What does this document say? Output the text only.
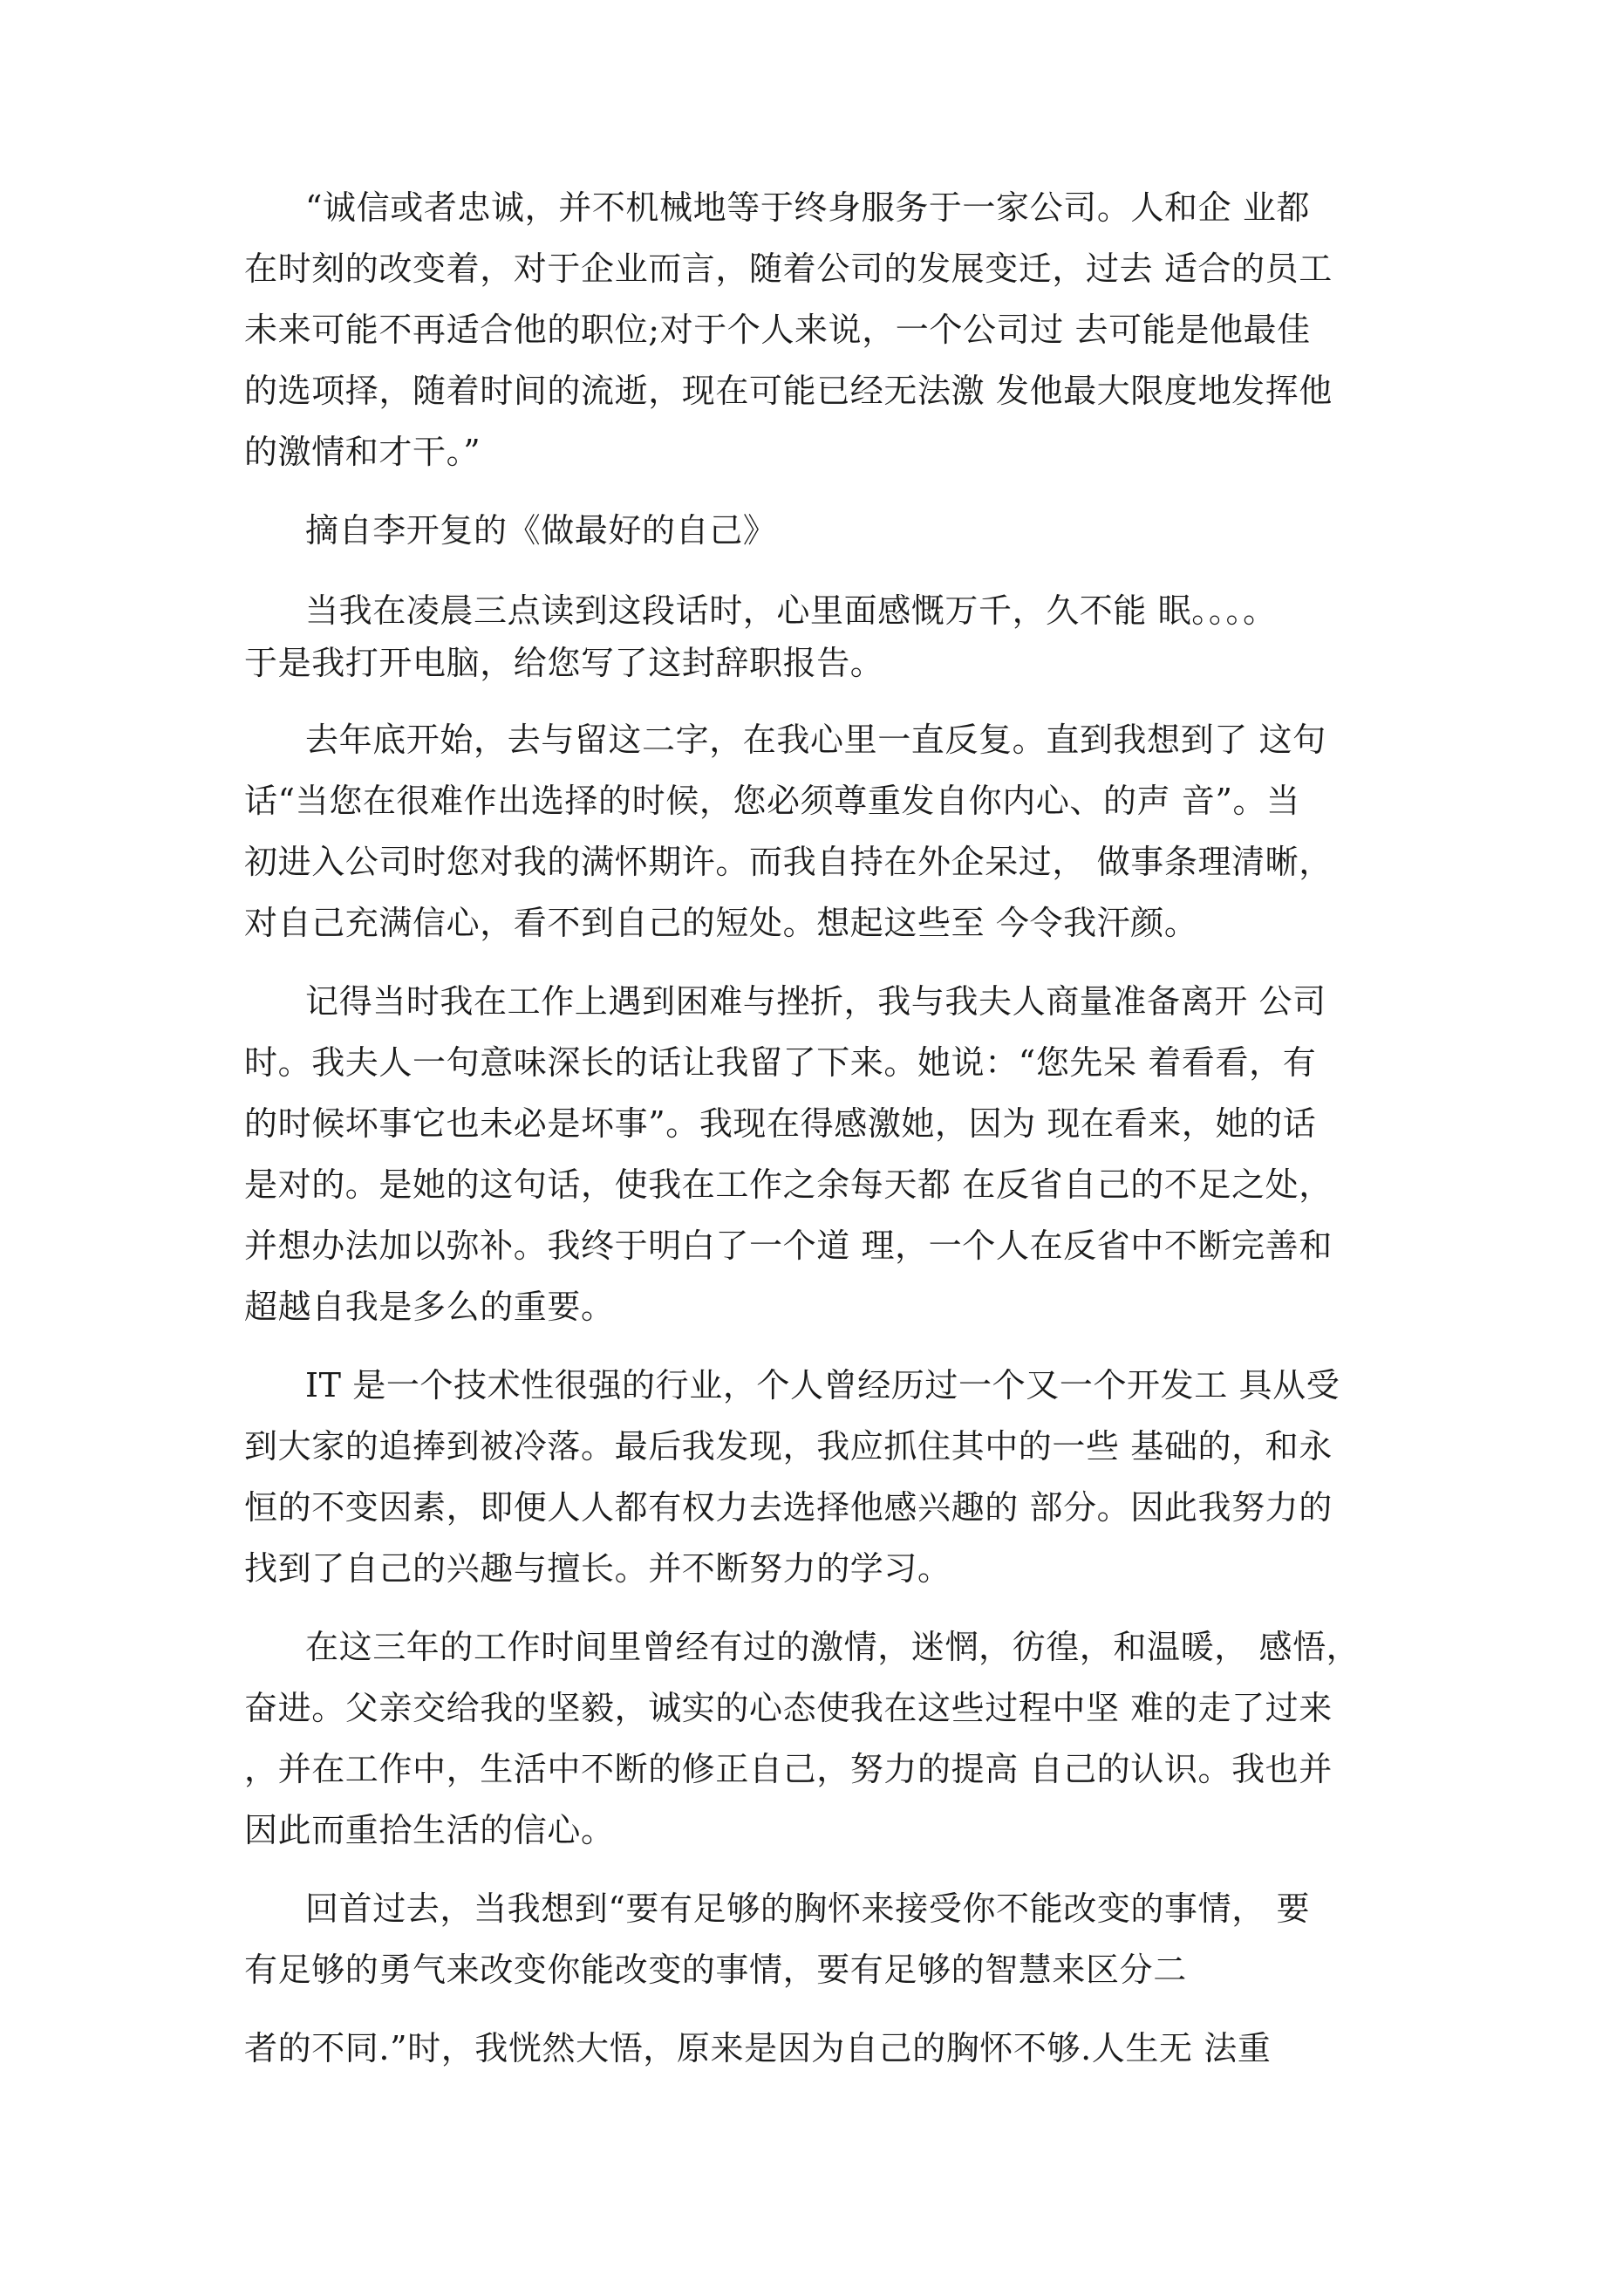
“诚信或者忠诚，并不机械地等于终身服务于一家公司。人和企 业都
在时刻的改变着，对于企业而言，随着公司的发展变迁，过去 适合的员工
未来可能不再适合他的职位;对于个人来说，一个公司过 去可能是他最佳
的选项择，随着时间的流逝，现在可能已经无法激 发他最大限度地发挥他
的激情和才干。”
摘自李开复的《做最好的自己》
当我在凌晨三点读到这段话时，心里面感慨万千，久不能 眠。。。。
于是我打开电脑，给您写了这封辞职报告。
去年底开始，去与留这二字，在我心里一直反复。直到我想到了 这句
话“当您在很难作出选择的时候，您必须尊重发自你内心、的声 音”。当
初进入公司时您对我的满怀期许。而我自持在外企呆过， 做事条理清晰，
对自己充满信心，看不到自己的短处。想起这些至 今令我汗颜。
记得当时我在工作上遇到困难与挫折，我与我夫人商量准备离开 公司
时。我夫人一句意味深长的话让我留了下来。她说：“您先呆 着看看，有
的时候坏事它也未必是坏事”。我现在得感激她，因为 现在看来，她的话
是对的。是她的这句话，使我在工作之余每天都 在反省自己的不足之处，
并想办法加以弥补。我终于明白了一个道 理，一个人在反省中不断完善和
超越自我是多么的重要。
IT 是一个技术性很强的行业，个人曾经历过一个又一个开发工 具从受
到大家的追捧到被冷落。最后我发现，我应抓住其中的一些 基础的，和永
恒的不变因素，即便人人都有权力去选择他感兴趣的 部分。因此我努力的
找到了自己的兴趣与擅长。并不断努力的学习。
在这三年的工作时间里曾经有过的激情，迷惘，彷徨，和温暖， 感悟，
奋进。父亲交给我的坚毅，诚实的心态使我在这些过程中坚 难的走了过来
，并在工作中，生活中不断的修正自己，努力的提高 自己的认识。我也并
因此而重拾生活的信心。
回首过去，当我想到“要有足够的胸怀来接受你不能改变的事情， 要
有足够的勇气来改变你能改变的事情，要有足够的智慧来区分二
者的不同.”时，我恍然大悟，原来是因为自己的胸怀不够.人生无 法重
